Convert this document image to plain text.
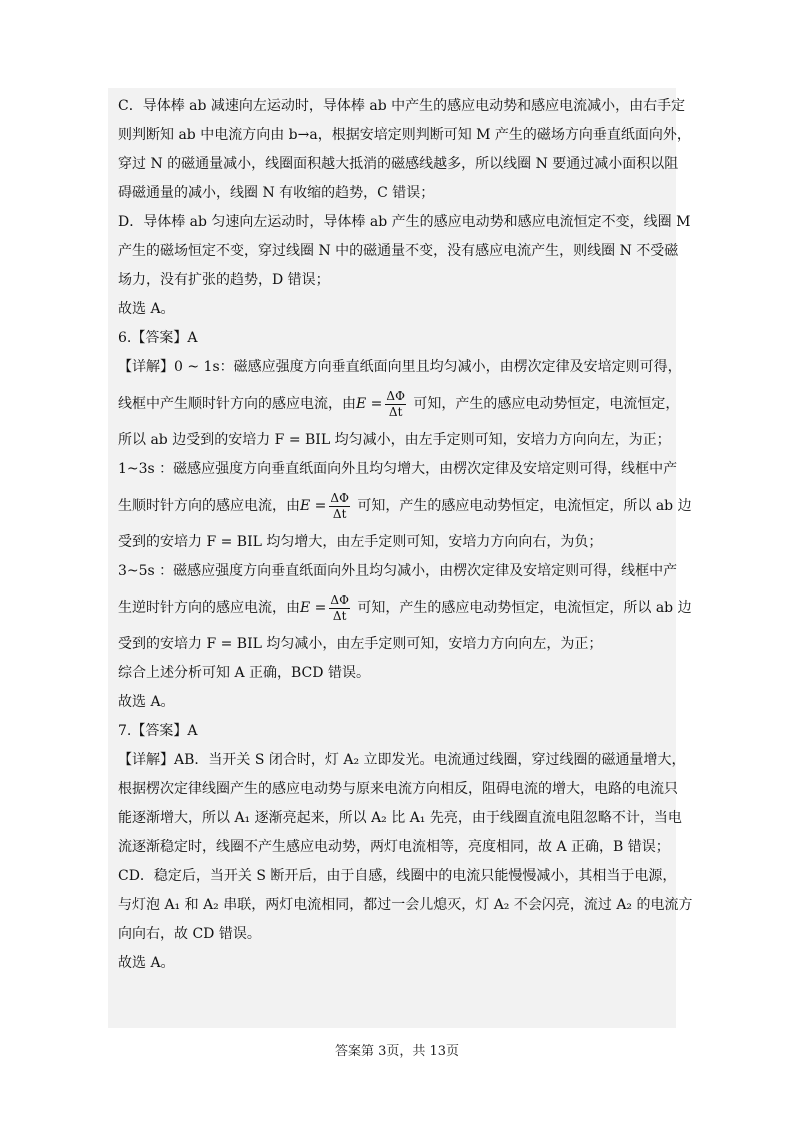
C．导体棒 ab 减速向左运动时，导体棒 ab 中产生的感应电动势和感应电流减小，由右手定
则判断知 ab 中电流方向由 b→a，根据安培定则判断可知 M 产生的磁场方向垂直纸面向外，
穿过 N 的磁通量减小，线圈面积越大抵消的磁感线越多，所以线圈 N 要通过减小面积以阻
碍磁通量的减小，线圈 N 有收缩的趋势，C 错误；
D．导体棒 ab 匀速向左运动时，导体棒 ab 产生的感应电动势和感应电流恒定不变，线圈 M
产生的磁场恒定不变，穿过线圈 N 中的磁通量不变，没有感应电流产生，则线圈 N 不受磁
场力，没有扩张的趋势，D 错误；
故选 A。
6.【答案】A
【详解】0 ~ 1s：磁感应强度方向垂直纸面向里且均匀减小，由楞次定律及安培定则可得，
线框中产生顺时针方向的感应电流，由$E = \frac{\Delta\Phi}{\Delta t}$ 可知，产生的感应电动势恒定，电流恒定，
所以 ab 边受到的安培力 F = BIL 均匀减小，由左手定则可知，安培力方向向左，为正；
1~3s ：磁感应强度方向垂直纸面向外且均匀增大，由楞次定律及安培定则可得，线框中产
生顺时针方向的感应电流，由$E = \frac{\Delta\Phi}{\Delta t}$ 可知，产生的感应电动势恒定，电流恒定，所以 ab 边
受到的安培力 F = BIL 均匀增大，由左手定则可知，安培力方向向右，为负；
3~5s ：磁感应强度方向垂直纸面向外且均匀减小，由楞次定律及安培定则可得，线框中产
生逆时针方向的感应电流，由$E = \frac{\Delta\Phi}{\Delta t}$ 可知，产生的感应电动势恒定，电流恒定，所以 ab 边
受到的安培力 F = BIL 均匀减小，由左手定则可知，安培力方向向左，为正；
综合上述分析可知 A 正确，BCD 错误。
故选 A。
7.【答案】A
【详解】AB．当开关 S 闭合时，灯 A₂ 立即发光。电流通过线圈，穿过线圈的磁通量增大，
根据楞次定律线圈产生的感应电动势与原来电流方向相反，阻碍电流的增大，电路的电流只
能逐渐增大，所以 A₁ 逐渐亮起来，所以 A₂ 比 A₁ 先亮，由于线圈直流电阻忽略不计，当电
流逐渐稳定时，线圈不产生感应电动势，两灯电流相等，亮度相同，故 A 正确，B 错误；
CD．稳定后，当开关 S 断开后，由于自感，线圈中的电流只能慢慢减小，其相当于电源，
与灯泡 A₁ 和 A₂ 串联，两灯电流相同，都过一会儿熄灭，灯 A₂ 不会闪亮，流过 A₂ 的电流方
向向右，故 CD 错误。
故选 A。
答案第 3页，共 13页
